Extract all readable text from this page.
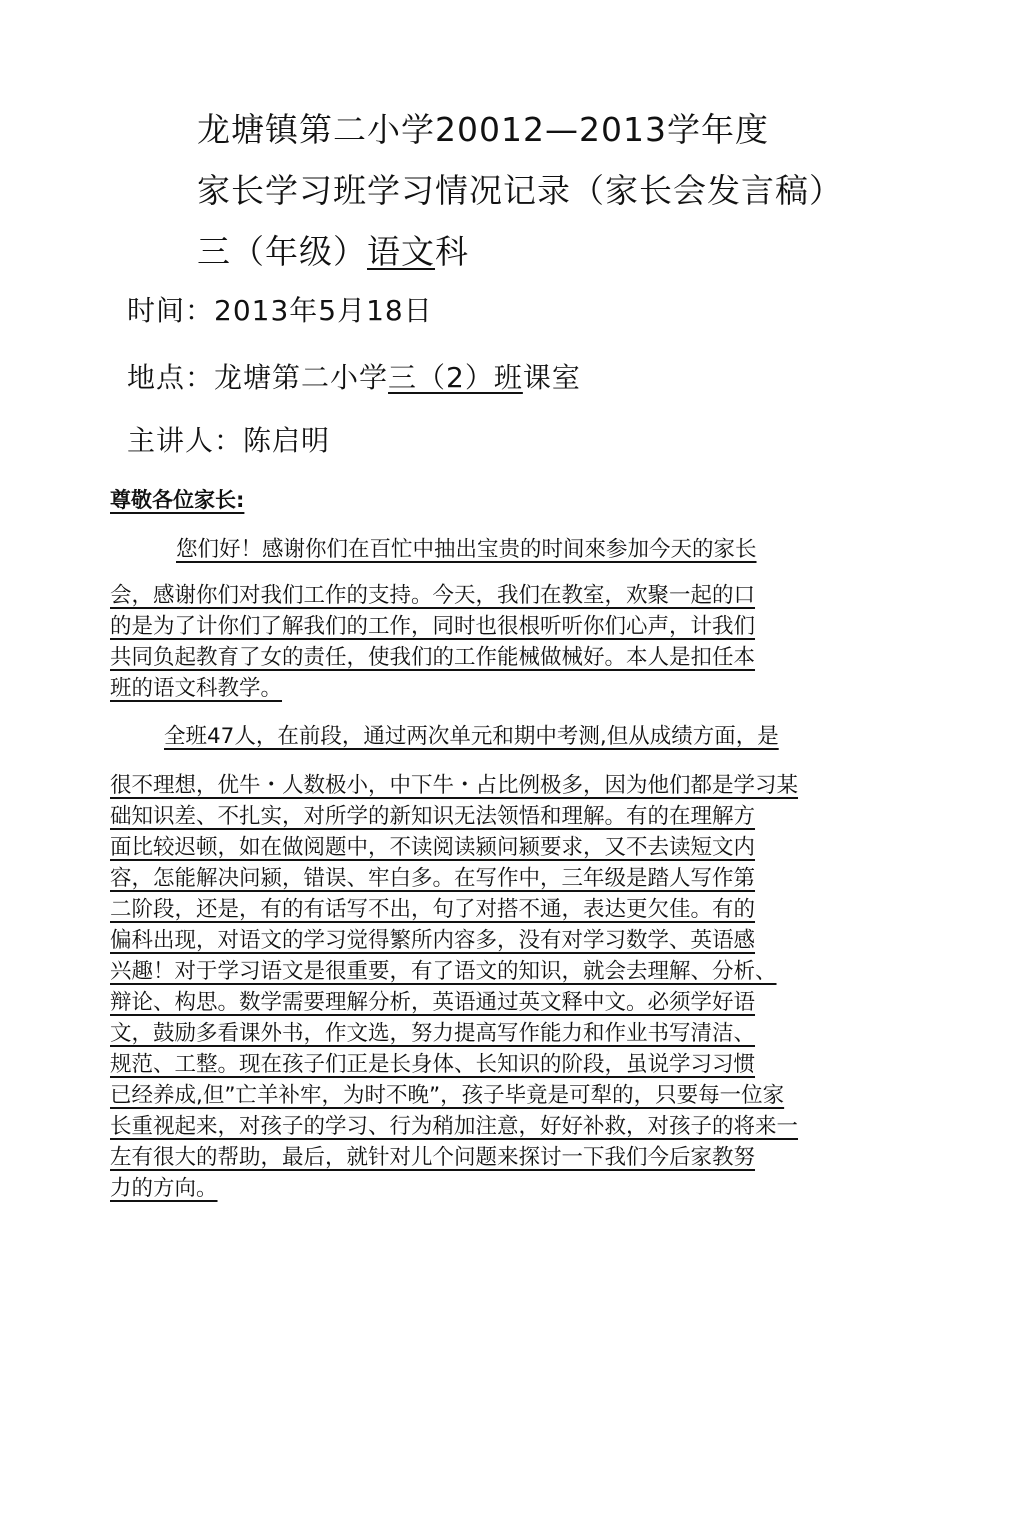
龙塘镇第二小学20012—2013学年度
家长学习班学习情况记录（家长会发言稿）
三（年级）语文科
时间：2013年5月18日
地点：龙塘第二小学三（2）班课室
主讲人：陈启明
尊敬各位家长:
您们好！感谢你们在百忙中抽出宝贵的时间來参加今天的家长
会，感谢你们对我们工作的支持。今天，我们在教室，欢聚一起的口
的是为了计你们了解我们的工作，同时也很根听听你们心声，计我们
共同负起教育了女的责任，使我们的工作能械做械好。本人是扣任本
班的语文科教学。
全班47人，在前段，通过两次单元和期中考测,但从成绩方面，是
很不理想，优牛・人数极小，中下牛・占比例极多，因为他们都是学习某
础知识差、不扎实，对所学的新知识无法领悟和理解。有的在理解方
面比较迟顿，如在做阅题中，不读阅读颍问颍要求，又不去读短文内
容，怎能解决问颍，错误、牢白多。在写作中，三年级是踏人写作第
二阶段，还是，有的有话写不出，句了对搭不通，表达更欠佳。有的
偏科出现，对语文的学习觉得繁所内容多，没有对学习数学、英语感
兴趣！对于学习语文是很重要，有了语文的知识，就会去理解、分析、
辩论、构思。数学需要理解分析，英语通过英文释中文。必须学好语
文，鼓励多看课外书，作文选，努力提高写作能力和作业书写清洁、
规范、工整。现在孩子们正是长身体、长知识的阶段，虽说学习习惯
已经养成,但”亡羊补牢，为时不晚”，孩子毕竟是可犁的，只要每一位家
长重视起来，对孩子的学习、行为稍加注意，好好补救，对孩子的将来一
左有很大的帮助，最后，就针对儿个问题来探讨一下我们今后家教努
力的方向。
